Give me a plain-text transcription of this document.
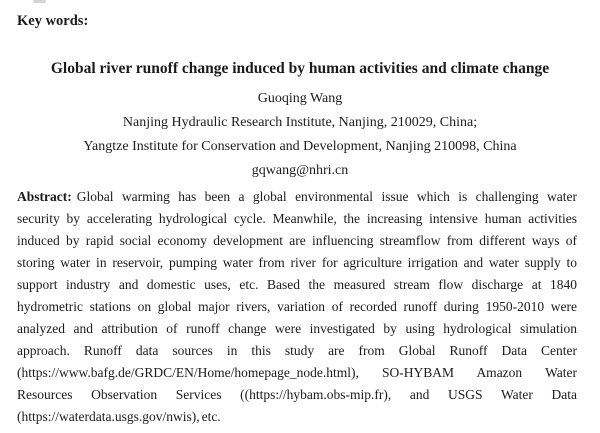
Key words:
Global river runoff change induced by human activities and climate change
Guoqing Wang
Nanjing Hydraulic Research Institute, Nanjing, 210029, China;
Yangtze Institute for Conservation and Development, Nanjing 210098, China
gqwang@nhri.cn
Abstract: Global warming has been a global environmental issue which is challenging water
security by accelerating hydrological cycle. Meanwhile, the increasing intensive human activities
induced by rapid social economy development are influencing streamflow from different ways of
storing water in reservoir, pumping water from river for agriculture irrigation and water supply to
support industry and domestic uses, etc. Based the measured stream flow discharge at 1840
hydrometric stations on global major rivers, variation of recorded runoff during 1950-2010 were
analyzed and attribution of runoff change were investigated by using hydrological simulation
approach. Runoff data sources in this study are from Global Runoff Data Center
(https://www.bafg.de/GRDC/EN/Home/homepage_node.html), SO-HYBAM Amazon Water
Resources Observation Services ((https://hybam.obs-mip.fr), and USGS Water Data
(https://waterdata.usgs.gov/nwis), etc.
